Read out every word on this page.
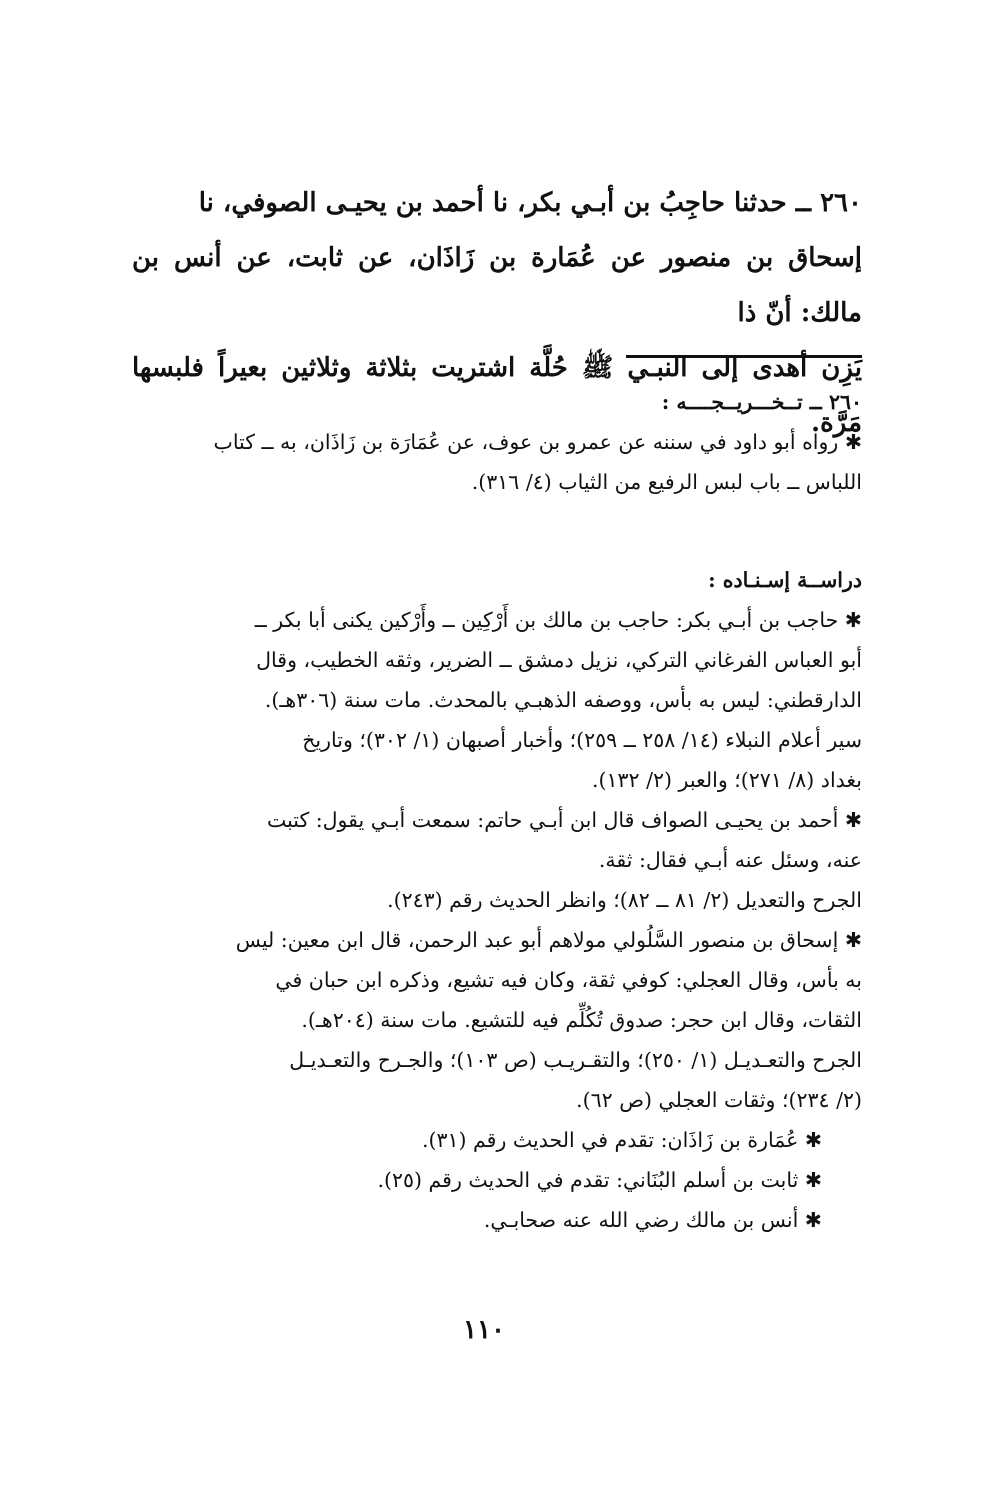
٢٦٠ ــ حدثنا حاجِبُ بن أبـي بكر، نا أحمد بن يحيـى الصوفي، نا

إسحاق بن منصور عن عُمَارة بن زَاذَان، عن ثابت، عن أنس بن مالك: أنّ ذا

يَزِن أهدى إلى النبـي ﷺ حُلَّة اشتريت بثلاثة وثلاثين بعيراً فلبسها مَرَّة.

٢٦٠ ــ تــخـــريــجــــه :

✱ رواه أبو داود في سننه عن عمرو بن عوف، عن عُمَارَة بن زَاذَان، به ــ كتاب

اللباس ــ باب لبس الرفيع من الثياب (٤/ ٣١٦).

دراســة إسـنـاده :

✱ حاجب بن أبـي بكر: حاجب بن مالك بن أَرْكِين ــ وأَرْكين يكنى أبا بكر ــ

أبو العباس الفرغاني التركي، نزيل دمشق ــ الضرير، وثقه الخطيب، وقال

الدارقطني: ليس به بأس، ووصفه الذهبـي بالمحدث. مات سنة (٣٠٦هـ).

سير أعلام النبلاء (١٤/ ٢٥٨ ــ ٢٥٩)؛ وأخبار أصبهان (١/ ٣٠٢)؛ وتاريخ

بغداد (٨/ ٢٧١)؛ والعبر (٢/ ١٣٢).

✱ أحمد بن يحيـى الصواف قال ابن أبـي حاتم: سمعت أبـي يقول: كتبت

عنه، وسئل عنه أبـي فقال: ثقة.

الجرح والتعديل (٢/ ٨١ ــ ٨٢)؛ وانظر الحديث رقم (٢٤٣).

✱ إسحاق بن منصور السَّلُولي مولاهم أبو عبد الرحمن، قال ابن معين: ليس

به بأس، وقال العجلي: كوفي ثقة، وكان فيه تشيع، وذكره ابن حبان في

الثقات، وقال ابن حجر: صدوق تُكُلِّم فيه للتشيع. مات سنة (٢٠٤هـ).

الجرح والتعـديـل (١/ ٢٥٠)؛ والتقـريـب (ص ١٠٣)؛ والجـرح والتعـديـل

(٢/ ٢٣٤)؛ وثقات العجلي (ص ٦٢).

✱ عُمَارة بن زَاذَان: تقدم في الحديث رقم (٣١).

✱ ثابت بن أسلم البُنَاني: تقدم في الحديث رقم (٢٥).

✱ أنس بن مالك رضي الله عنه صحابـي.

١١٠
